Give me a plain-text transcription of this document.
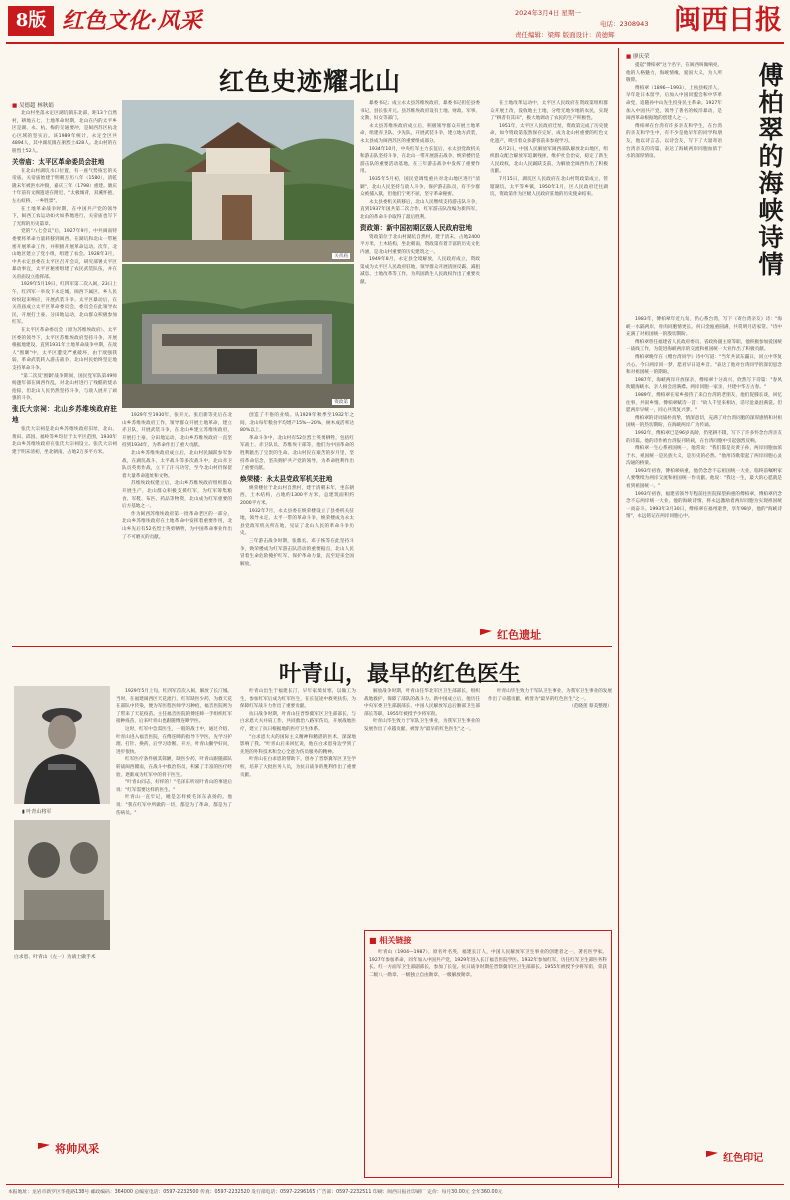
8版 红色文化·风采	2024年3月4日 星期一
电话：2308943
责任编辑：梁辉 版面设计：黄德辉	闽西日报
红色史迹耀北山
■ 吴德超 林秋娟

北山村坐落永定区湖坑镇东北部，距13个自然村，耕地五七，土地革命时期，北山在内的太平乡区是湖、永、杭、梅的交通要冲，是闽西苏区杭北心区域的坚实后。该1989年统计，永定全区共4894人，其中湖坑镇在册烈士428人。北山村的在册烈士52人。

关帝庙：太平区革命委员会驻地

在北山村湖坑水口位置，有一座气势恢宏的关帝庙。关帝庙始建于明朝万历八年（1580），清乾隆末年被洪水冲毁，嘉庆三年（1798）重建。塘庆十年前有文阁遗迹在附近，"太极城背，双溪怀抱，左右虹桥，一乡胜景"。

在土地革命战争时期，在中国共产党的领导下，闽西工农运动如火如荼地进行，关帝庙也写下了光辉的历史篇章。

党的"八七会议"后，1927年9月，中共闽南特委要将革命力量转移到闽西，在湖坑和北山一带秘密开展革命工作，并积极开展革命运动。次年，北山地区建立了党小组，组建了农会。1928年3月，中共永定县委在太平区召开会议，研究部署太平区暴动事宜，太平区秘密组建了农民武装队伍，并在关帝庙设立指挥部。

1929年5月19日，红四军第二次入闽，23日上午，红四军一举攻下永定城，闽西下属区、乡人民纷纷起来响应，开展武装斗争。太平区暴动后，在关帝庙成立太平区革命委员会，委员会在此领导农民，开展打土豪、分田地运动，北山群众积极参加红军。

在太平区革命委员会（原为苏维埃政府）、太平区委的领导下，太平区苏维埃政府坚持斗争，开展根据地建设，直到1931年土地革命战争中期，在敌人"围剿"中，太平区遭受严重破坏，由于敌强我弱，革命武装转入游击战争，北山村民始终坚定地支持革命斗争。

"第二次反'围剿'战争期间，国民党军队第49师杨逢年部在闽西作乱，对北山村进行了残酷的烧杀抢掠，但北山人民仍然坚持斗争，与敌人展开了顽强的斗争。

张氏大宗祠：北山乡苏维埃政府驻地

张氏大宗祠是北山乡苏维埃政府旧址，北山、黄田、邱园、福岭等乡均位于太平区范围，1930年北山乡苏维埃政府在张氏大宗祠设立。张氏大宗祠建于明末清初，坐北朝南，占地2万多平方米。

关帝庙
资政第

1929年至1930年，张开元、张启新等先后在北山乡苏维埃政府工作，领导群众开展土地革命，建立赤卫队，开展武装斗争，在北山乡建立苏维埃政府，开展打土豪、分田地运动，北山乡苏维埃政府一直坚持到1934年，为革命作出了重大贡献。

北山乡苏维埃政府成立后，北山村民踊跃参军参战，在湖坑战斗、太平战斗等多次战斗中，北山赤卫队员英勇作战，立下了汗马功劳，至今北山村仍保留着大量革命遗址和文物。

苏维埃政权建立后，北山乡苏维埃政府组织群众开展生产，北山群众积极支援红军，为红军筹集粮食、军鞋、布匹、药品等物资，北山成为红军重要的后方基地之一。

作为闽西苏维埃政府第一批革命老区的一部分，北山乡苏维埃政府在土地革命中发挥着重要作用，北山乡先后有52名烈士英勇牺牲，为中国革命事业作出了不可磨灭的贡献。

创造了不俗的业绩。从1929年秋季至1932年之间，北山每年粮食平均增产15%—20%，树木成活率达80%以上。

革命斗争中，北山村有52位烈士英勇牺牲，包括红军战士、赤卫队员、苏维埃干部等，他们为中国革命的胜利献出了宝贵的生命。北山村民在艰苦的岁月里，坚持革命信念，坚决拥护共产党的领导，为革命胜利作出了重要贡献。

焕荣楼：永太县党政军机关驻地

焕荣楼位于北山村自然村，建于清朝末年，坐东朝西，土木结构，占地约1300平方米，总建筑面积约2000平方米。

1932年7月，永太县委在焕荣楼设立了县委机关驻地，领导永定、太平一带的革命斗争，焕荣楼成为永太县党政军机关所在地，见证了北山人民的革命斗争历史。

三年游击战争时期，张鼎丞、邓子恢等在此坚持斗争，焕荣楼成为红军游击队活动的重要据点，北山人民冒着生命危险掩护红军，保护革命力量，直至迎来全国解放。

暴委书记；成立永太县苏维埃政府，暴委书记担任县委书记，县长张开元。县苏维埃政府设有土地、财政、军事、文教、妇女等部门。

永太县苏维埃政府成立后，积极领导群众开展土地革命，组建赤卫队、少先队，开展武装斗争，建立地方武装，永太县成为闽西苏区的重要组成部分。

1934年10月，中央红军主力长征后，永太县党政机关和游击队坚持斗争，在北山一带开展游击战争，焕荣楼仍是游击队的重要活动基地，在三年游击战争中发挥了重要作用。

1935年5月初，国民党调集重兵对北山地区进行"清剿"，北山人民坚持与敌人斗争，保护游击队员，有不少群众被捕入狱，但他们宁死不屈，坚守革命秘密。

永太县委机关转移后，北山人民继续支持游击队斗争，直到1937年国共第二次合作，红军游击队改编为新四军，北山的革命斗争取得了最后胜利。

资政第：新中国初期区级人民政府驻地

资政第位于北山村湖坑自然村，建于清末，占地2400平方米，土木结构，坐北朝南，资政第有着丰富的历史文化内涵，是北山村重要的历史建筑之一。

1949年8月，永定县全境解放，人民政府成立，资政第成为太平区人民政府驻地，领导群众开展清匪反霸、减租减息、土地改革等工作，为巩固新生人民政权作出了重要贡献。

在土地改革运动中，太平区人民政府在资政第组织群众开展土改，没收地主土地，分给无地少地的农民，实现了"耕者有其田"，极大地调动了农民的生产积极性。

1951年，太平区人民政府迁址，资政第完成了历史使命，如今资政第依然保存完好，成为北山村重要的红色文化遗产，吸引着众多游客前来参观学习。

6月2日，中国人民解放军闽西部队解放北山地区，组织群众配合解放军追剿残匪，维护社会治安，稳定了新生人民政权，北山人民踊跃支前，为解放全闽西作出了积极贡献。

7月15日，湖坑区人民政府在北山村资政第成立，管辖湖坑、太平等乡镇，1950年1月，区人民政府迁往湖坑，资政第作为区级人民政府驻地的历史使命结束。

红色遗址
叶青山，最早的红色医生
▮ 叶青山将军
白求恩、叶青山（左一）为战士做手术
将帅风采

1929年5月上旬，红四军首次入闽，解放了长汀城。当时，在福建闽西区天花流行，红军缺医少药，为救天花在部队中传染，便为军医程医师学习种痘，福音医院则为了带来了天花疫苗。主任福音医院的傅连暲一手组织红军接种疫苗，后来叶青山也跟随傅连暲学医。

这时，红军中急需医生，一般的战士中，通过介绍，叶青山进入福音医院，在傅连暲的指导下学医，先学习护理、打针、换药，后学习诊断、开方，叶青山勤学好问，进步很快。

红军医疗条件极其简陋，缺医少药，叶青山跟随部队转战闽西赣南，在战斗中救治伤员，积累了丰富的医疗经验，逐渐成为红军中的骨干医生。

"叶青山同志，好样的！"毛泽东听说叶青山的事迹后说："红军需要这样的医生。"

叶青山一直牢记，她是怎样被毛泽东表扬的。他说："我在红军中所做的一切，都是为了革命，都是为了伤病员。"

叶青山出生于福建长汀，早年家境贫寒，以做工为生，参加红军后成为红军医生，在长征途中救死扶伤，为保障红军战斗力作出了重要贡献。

抗日战争时期，叶青山任晋察冀军区卫生部部长，与白求恩大夫并肩工作，共同救治八路军伤员，开展战地医疗，建立了抗日根据地的医疗卫生体系。

"白求恩大夫的国际主义精神和精湛的医术，深深地影响了我。"叶青山后来回忆说，他在白求恩身边学到了先进的外科技术和全心全意为伤员服务的精神。

叶青山在白求恩的帮助下，创办了晋察冀军区卫生学校，培养了大批医务人员，为抗日战争的胜利作出了重要贡献。

解放战争时期，叶青山任华北军区卫生部部长，组织战地救护，保障了部队的战斗力。新中国成立后，他历任中央军委卫生部副部长、中国人民解放军总后勤部卫生部部长等职，1955年被授予少将军衔。

叶青山毕生致力于军队卫生事业，为我军卫生事业的发展作出了卓越贡献，被誉为"最早的红色医生"之一。

叶青山毕生致力于军队卫生事业，为我军卫生事业的发展作出了卓越贡献，被誉为"最早的红色医生"之一。

（范晓莲 蔡美整理）

■ 相关链接
叶青山（1904—1987），原名叶名英，福建长汀人，中国人民解放军卫生事业的创建者之一，著名医学家。1927年参加革命，同年加入中国共产党，1929年进入长汀福音医院学医。1932年参加红军，历任红军卫生部医务科长、红一方面军卫生部副部长，参加了长征。抗日战争时期任晋察冀军区卫生部部长。1955年被授予少将军衔，荣获二级八一勋章、一级独立自由勋章、一级解放勋章。
■ 廖庆荣
傅柏翠的海峡诗情

提起"傅柏翠"这个名字，在闽西叫做响亮。他的人格魅力，海峡情缘，爱国大义，为人所敬仰。

傅柏翠（1896—1993），上杭县蛟洋人，早年赴日本留学，后加入中国同盟会和中华革命党，追随孙中山先生投身民主革命。1927年加入中国共产党，领导了著名的蛟洋暴动，是闽西革命根据地的创建人之一。

傅柏翠在台湾有许多亲友和学生，在台湾的亲友和学生中，有不少是他早年的同学和朋友，他以诗言志，以诗会友，写下了大量寄语台湾亲友的诗篇，表达了海峡两岸同胞血浓于水的深厚情谊。

1983年，傅柏翠年近九旬，仍心系台湾，写下《寄台湾亲友》诗："海峡一水隔两岸，骨肉同胞情更长。何日金瓯重圆满，共赏明月话家常。"诗中充满了对祖国统一的殷切期盼。

傅柏翠曾任福建省人民政府委员、省政协副主席等职，他积极参加爱国统一战线工作，为促进海峡两岸的交流和祖国统一大业作出了积极贡献。

傅柏翠晚年在《赠台湾同学》诗中写道："当年共读东瀛日，同立中华复兴心。今日两岸同一梦，愿君早日返乡音。"表达了他对台湾同学的深切思念和对祖国统一的期盼。

1987年，海峡两岸开放探亲，傅柏翠十分高兴，欣然写下诗篇："春风吹暖海峡水，亲人相会泪满襟。两岸同胞一家亲，共建中华万古春。"

1989年，傅柏翠在家乡接待了来自台湾的老朋友，他们促膝长谈，回忆往事，共叙乡情。傅柏翠赋诗一首："故人千里来相访，话尽沧桑泪满裳。但愿两岸早统一，同心共筑复兴梦。"

傅柏翠的诗词质朴真挚，情深意切，充满了对台湾同胞的深厚感情和对祖国统一的热切期盼，在海峡两岸广为传诵。

1992年，傅柏翠已是96岁高龄，仍笔耕不辍，写下了许多怀念台湾亲友的诗篇。他的诗作被台湾报刊转载，在台湾同胞中引起强烈反响。

傅柏翠一生心系祖国统一，他常说："我们都是炎黄子孙，两岸同胞血浓于水，祖国统一是民族大义，是历史的必然。"他用诗歌架起了两岸同胞心灵沟通的桥梁。

1993年初春，傅柏翠病重，他仍念念不忘祖国统一大业，临终前嘱咐家人要继续为两岸交流和祖国统一作贡献。他说："我这一生，最大的心愿就是看到祖国统一。"

1993年初春，福建省领导专程前往医院探望病重的傅柏翠，傅柏翠仍念念不忘两岸统一大业，他的海峡诗情，将永远激励着两岸同胞为实现祖国统一而奋斗。1993年3月30日，傅柏翠在福州逝世，享年98岁，他的"海峡诗情"，永远铭记在两岸同胞心中。

红色印记
本报地址：龙岩市新罗区华莲路138号 邮政编码：364000 总编室电话：0597-2232500 传真：0597-2232520 发行部电话：0597-2296165 广告部：0597-2232511 印刷：闽西日报社印刷厂 定价：每月30.00元 全年360.00元
